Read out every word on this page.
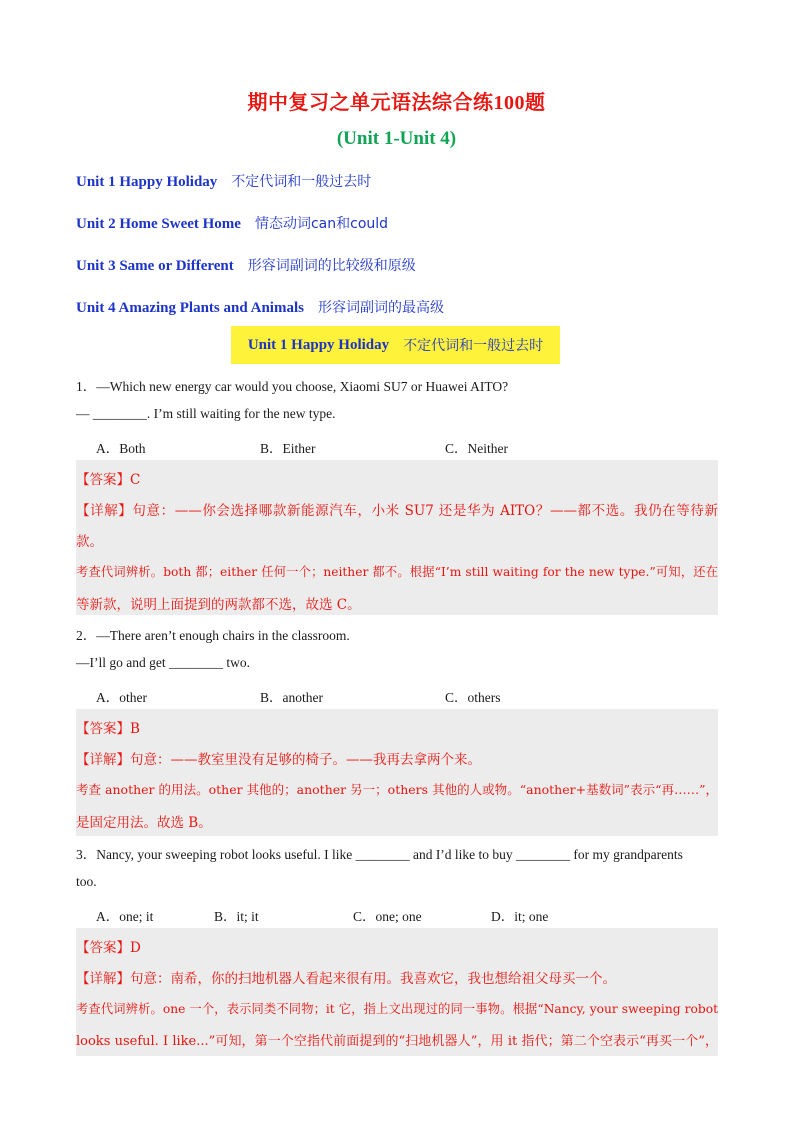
期中复习之单元语法综合练100题
(Unit 1-Unit 4)
Unit 1 Happy Holiday 不定代词和一般过去时
Unit 2 Home Sweet Home 情态动词can和could
Unit 3 Same or Different 形容词副词的比较级和原级
Unit 4 Amazing Plants and Animals 形容词副词的最高级
Unit 1 Happy Holiday 不定代词和一般过去时
1．—Which new energy car would you choose, Xiaomi SU7 or Huawei AITO?
— ________. I’m still waiting for the new type.
A．Both	B．Either	C．Neither
【答案】C
【详解】句意：——你会选择哪款新能源汽车，小米 SU7 还是华为 AITO？——都不选。我仍在等待新
款。
考查代词辨析。both 都；either 任何一个；neither 都不。根据“I’m still waiting for the new type.”可知，还在
等新款，说明上面提到的两款都不选，故选 C。
2．—There aren’t enough chairs in the classroom.
—I’ll go and get ________ two.
A．other	B．another	C．others
【答案】B
【详解】句意：——教室里没有足够的椅子。——我再去拿两个来。
考查 another 的用法。other 其他的；another 另一；others 其他的人或物。“another+基数词”表示“再……”，
是固定用法。故选 B。
3．Nancy, your sweeping robot looks useful. I like ________ and I’d like to buy ________ for my grandparents
too.
A．one; it	B．it; it	C．one; one	D．it; one
【答案】D
【详解】句意：南希，你的扫地机器人看起来很有用。我喜欢它，我也想给祖父母买一个。
考查代词辨析。one 一个，表示同类不同物；it 它，指上文出现过的同一事物。根据“Nancy, your sweeping robot
looks useful. I like...”可知，第一个空指代前面提到的“扫地机器人”，用 it 指代；第二个空表示“再买一个”，
